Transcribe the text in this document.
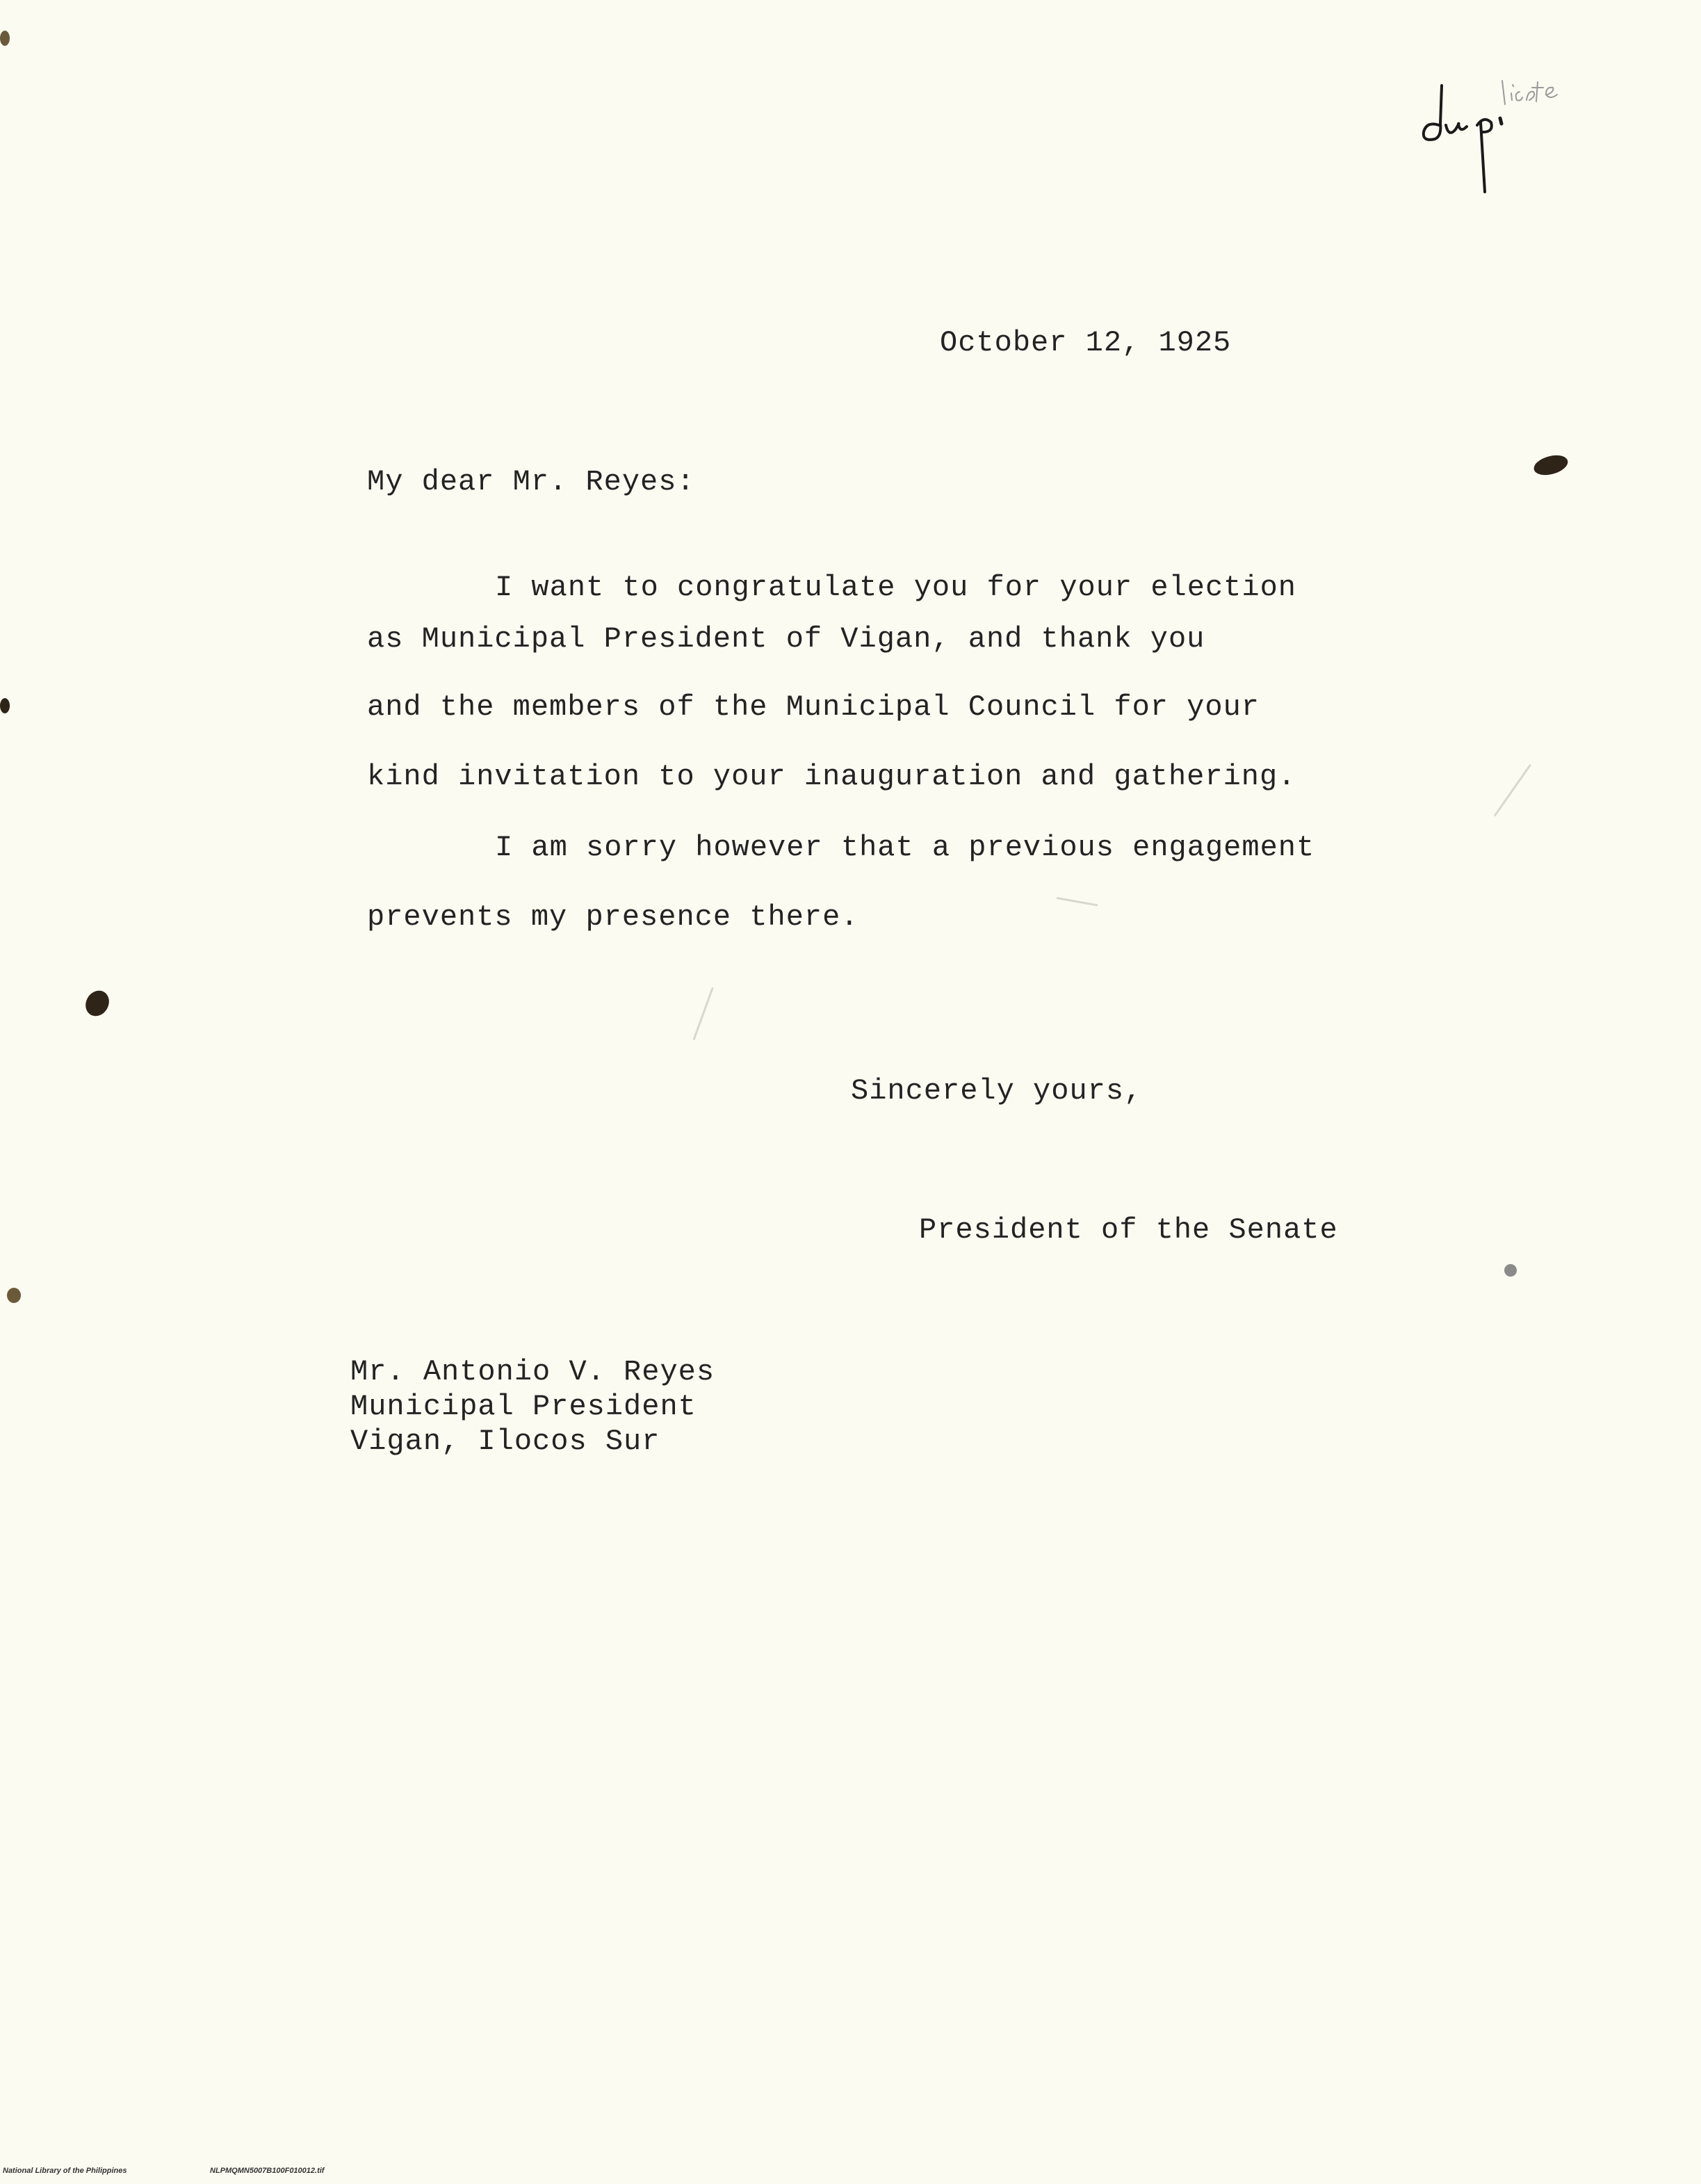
October 12, 1925
My dear Mr. Reyes:
I want to congratulate you for your election
as Municipal President of Vigan, and thank you
and the members of the Municipal Council for your
kind invitation to your inauguration and gathering.
I am sorry however that a previous engagement
prevents my presence there.
Sincerely yours,
President of the Senate
Mr. Antonio V. Reyes
Municipal President
Vigan, Ilocos Sur
National Library of the Philippines	NLPMQMN5007B100F010012.tif
